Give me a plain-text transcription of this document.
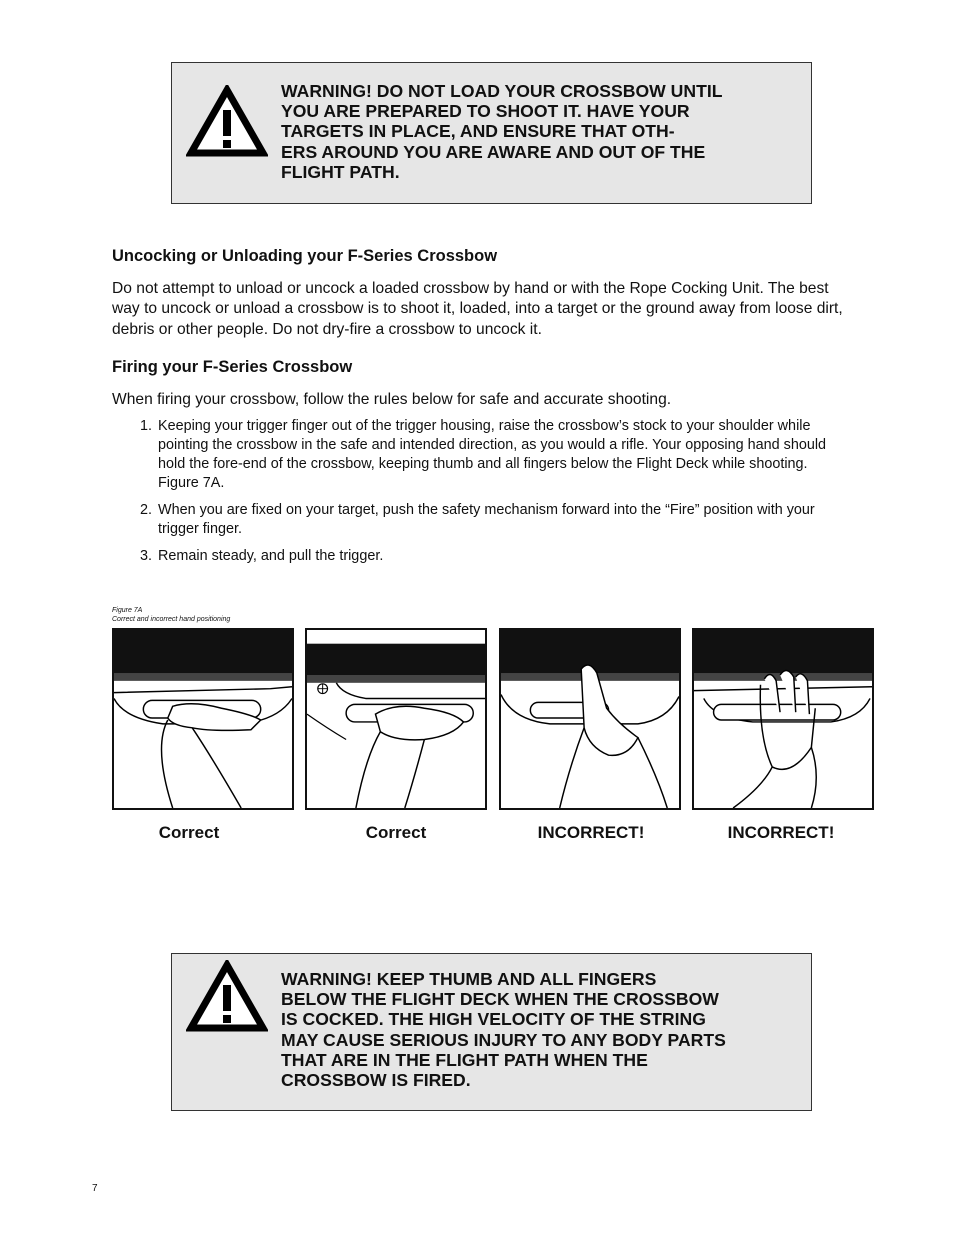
WARNING! DO NOT LOAD YOUR CROSSBOW UNTIL
YOU ARE PREPARED TO SHOOT IT. HAVE YOUR
TARGETS IN PLACE, AND ENSURE THAT OTH-
ERS AROUND YOU ARE AWARE AND OUT OF THE
FLIGHT PATH.
Uncocking or Unloading your F-Series Crossbow

Do not attempt to unload or uncock a loaded crossbow by hand or with the Rope Cocking Unit. The best way to uncock or unload a crossbow is to shoot it, loaded, into a target or the ground away from loose dirt, debris or other people. Do not dry-fire a crossbow to uncock it.

Firing your F-Series Crossbow

When firing your crossbow, follow the rules below for safe and accurate shooting.

1. Keeping your trigger finger out of the trigger housing, raise the crossbow’s stock to your shoulder while pointing the crossbow in the safe and intended direction, as you would a rifle. Your opposing hand should hold the fore-end of the crossbow, keeping thumb and all fingers below the Flight Deck while shooting. Figure 7A.
2. When you are fixed on your target, push the safety mechanism forward into the “Fire” position with your trigger finger.
3. Remain steady, and pull the trigger.
Figure 7A
Correct and incorrect hand positioning
Correct	Correct	INCORRECT!	INCORRECT!
WARNING! KEEP THUMB AND ALL FINGERS
BELOW THE FLIGHT DECK WHEN THE CROSSBOW
IS COCKED. THE HIGH VELOCITY OF THE STRING
MAY CAUSE SERIOUS INJURY TO ANY BODY PARTS
THAT ARE IN THE FLIGHT PATH WHEN THE
CROSSBOW IS FIRED.
7
